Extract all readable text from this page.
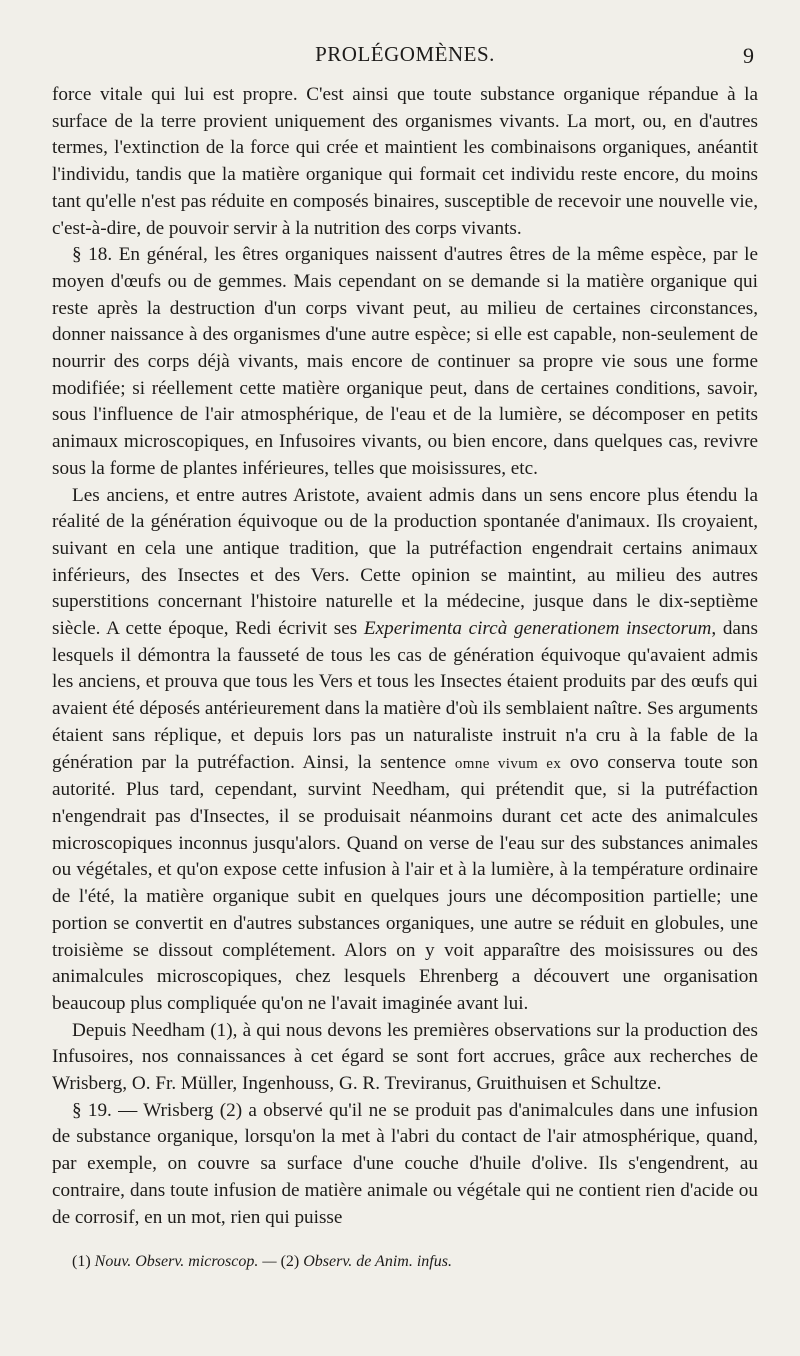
PROLÉGOMÈNES.	9

force vitale qui lui est propre. C'est ainsi que toute substance organique répandue à la surface de la terre provient uniquement des organismes vivants. La mort, ou, en d'autres termes, l'extinction de la force qui crée et maintient les combinaisons organiques, anéantit l'individu, tandis que la matière organique qui formait cet individu reste encore, du moins tant qu'elle n'est pas réduite en composés binaires, susceptible de recevoir une nouvelle vie, c'est-à-dire, de pouvoir servir à la nutrition des corps vivants.

§ 18. En général, les êtres organiques naissent d'autres êtres de la même espèce, par le moyen d'œufs ou de gemmes. Mais cependant on se demande si la matière organique qui reste après la destruction d'un corps vivant peut, au milieu de certaines circonstances, donner naissance à des organismes d'une autre espèce; si elle est capable, non-seulement de nourrir des corps déjà vivants, mais encore de continuer sa propre vie sous une forme modifiée; si réellement cette matière organique peut, dans de certaines conditions, savoir, sous l'influence de l'air atmosphérique, de l'eau et de la lumière, se décomposer en petits animaux microscopiques, en Infusoires vivants, ou bien encore, dans quelques cas, revivre sous la forme de plantes inférieures, telles que moisissures, etc.

Les anciens, et entre autres Aristote, avaient admis dans un sens encore plus étendu la réalité de la génération équivoque ou de la production spontanée d'animaux. Ils croyaient, suivant en cela une antique tradition, que la putréfaction engendrait certains animaux inférieurs, des Insectes et des Vers. Cette opinion se maintint, au milieu des autres superstitions concernant l'histoire naturelle et la médecine, jusque dans le dix-septième siècle. A cette époque, Redi écrivit ses Experimenta circà generationem insectorum, dans lesquels il démontra la fausseté de tous les cas de génération équivoque qu'avaient admis les anciens, et prouva que tous les Vers et tous les Insectes étaient produits par des œufs qui avaient été déposés antérieurement dans la matière d'où ils semblaient naître. Ses arguments étaient sans réplique, et depuis lors pas un naturaliste instruit n'a cru à la fable de la génération par la putréfaction. Ainsi, la sentence omne vivum ex ovo conserva toute son autorité. Plus tard, cependant, survint Needham, qui prétendit que, si la putréfaction n'engendrait pas d'Insectes, il se produisait néanmoins durant cet acte des animalcules microscopiques inconnus jusqu'alors. Quand on verse de l'eau sur des substances animales ou végétales, et qu'on expose cette infusion à l'air et à la lumière, à la température ordinaire de l'été, la matière organique subit en quelques jours une décomposition partielle; une portion se convertit en d'autres substances organiques, une autre se réduit en globules, une troisième se dissout complétement. Alors on y voit apparaître des moisissures ou des animalcules microscopiques, chez lesquels Ehrenberg a découvert une organisation beaucoup plus compliquée qu'on ne l'avait imaginée avant lui.

Depuis Needham (1), à qui nous devons les premières observations sur la production des Infusoires, nos connaissances à cet égard se sont fort accrues, grâce aux recherches de Wrisberg, O. Fr. Müller, Ingenhouss, G. R. Treviranus, Gruithuisen et Schultze.

§ 19. — Wrisberg (2) a observé qu'il ne se produit pas d'animalcules dans une infusion de substance organique, lorsqu'on la met à l'abri du contact de l'air atmosphérique, quand, par exemple, on couvre sa surface d'une couche d'huile d'olive. Ils s'engendrent, au contraire, dans toute infusion de matière animale ou végétale qui ne contient rien d'acide ou de corrosif, en un mot, rien qui puisse

(1) Nouv. Observ. microscop. — (2) Observ. de Anim. infus.
